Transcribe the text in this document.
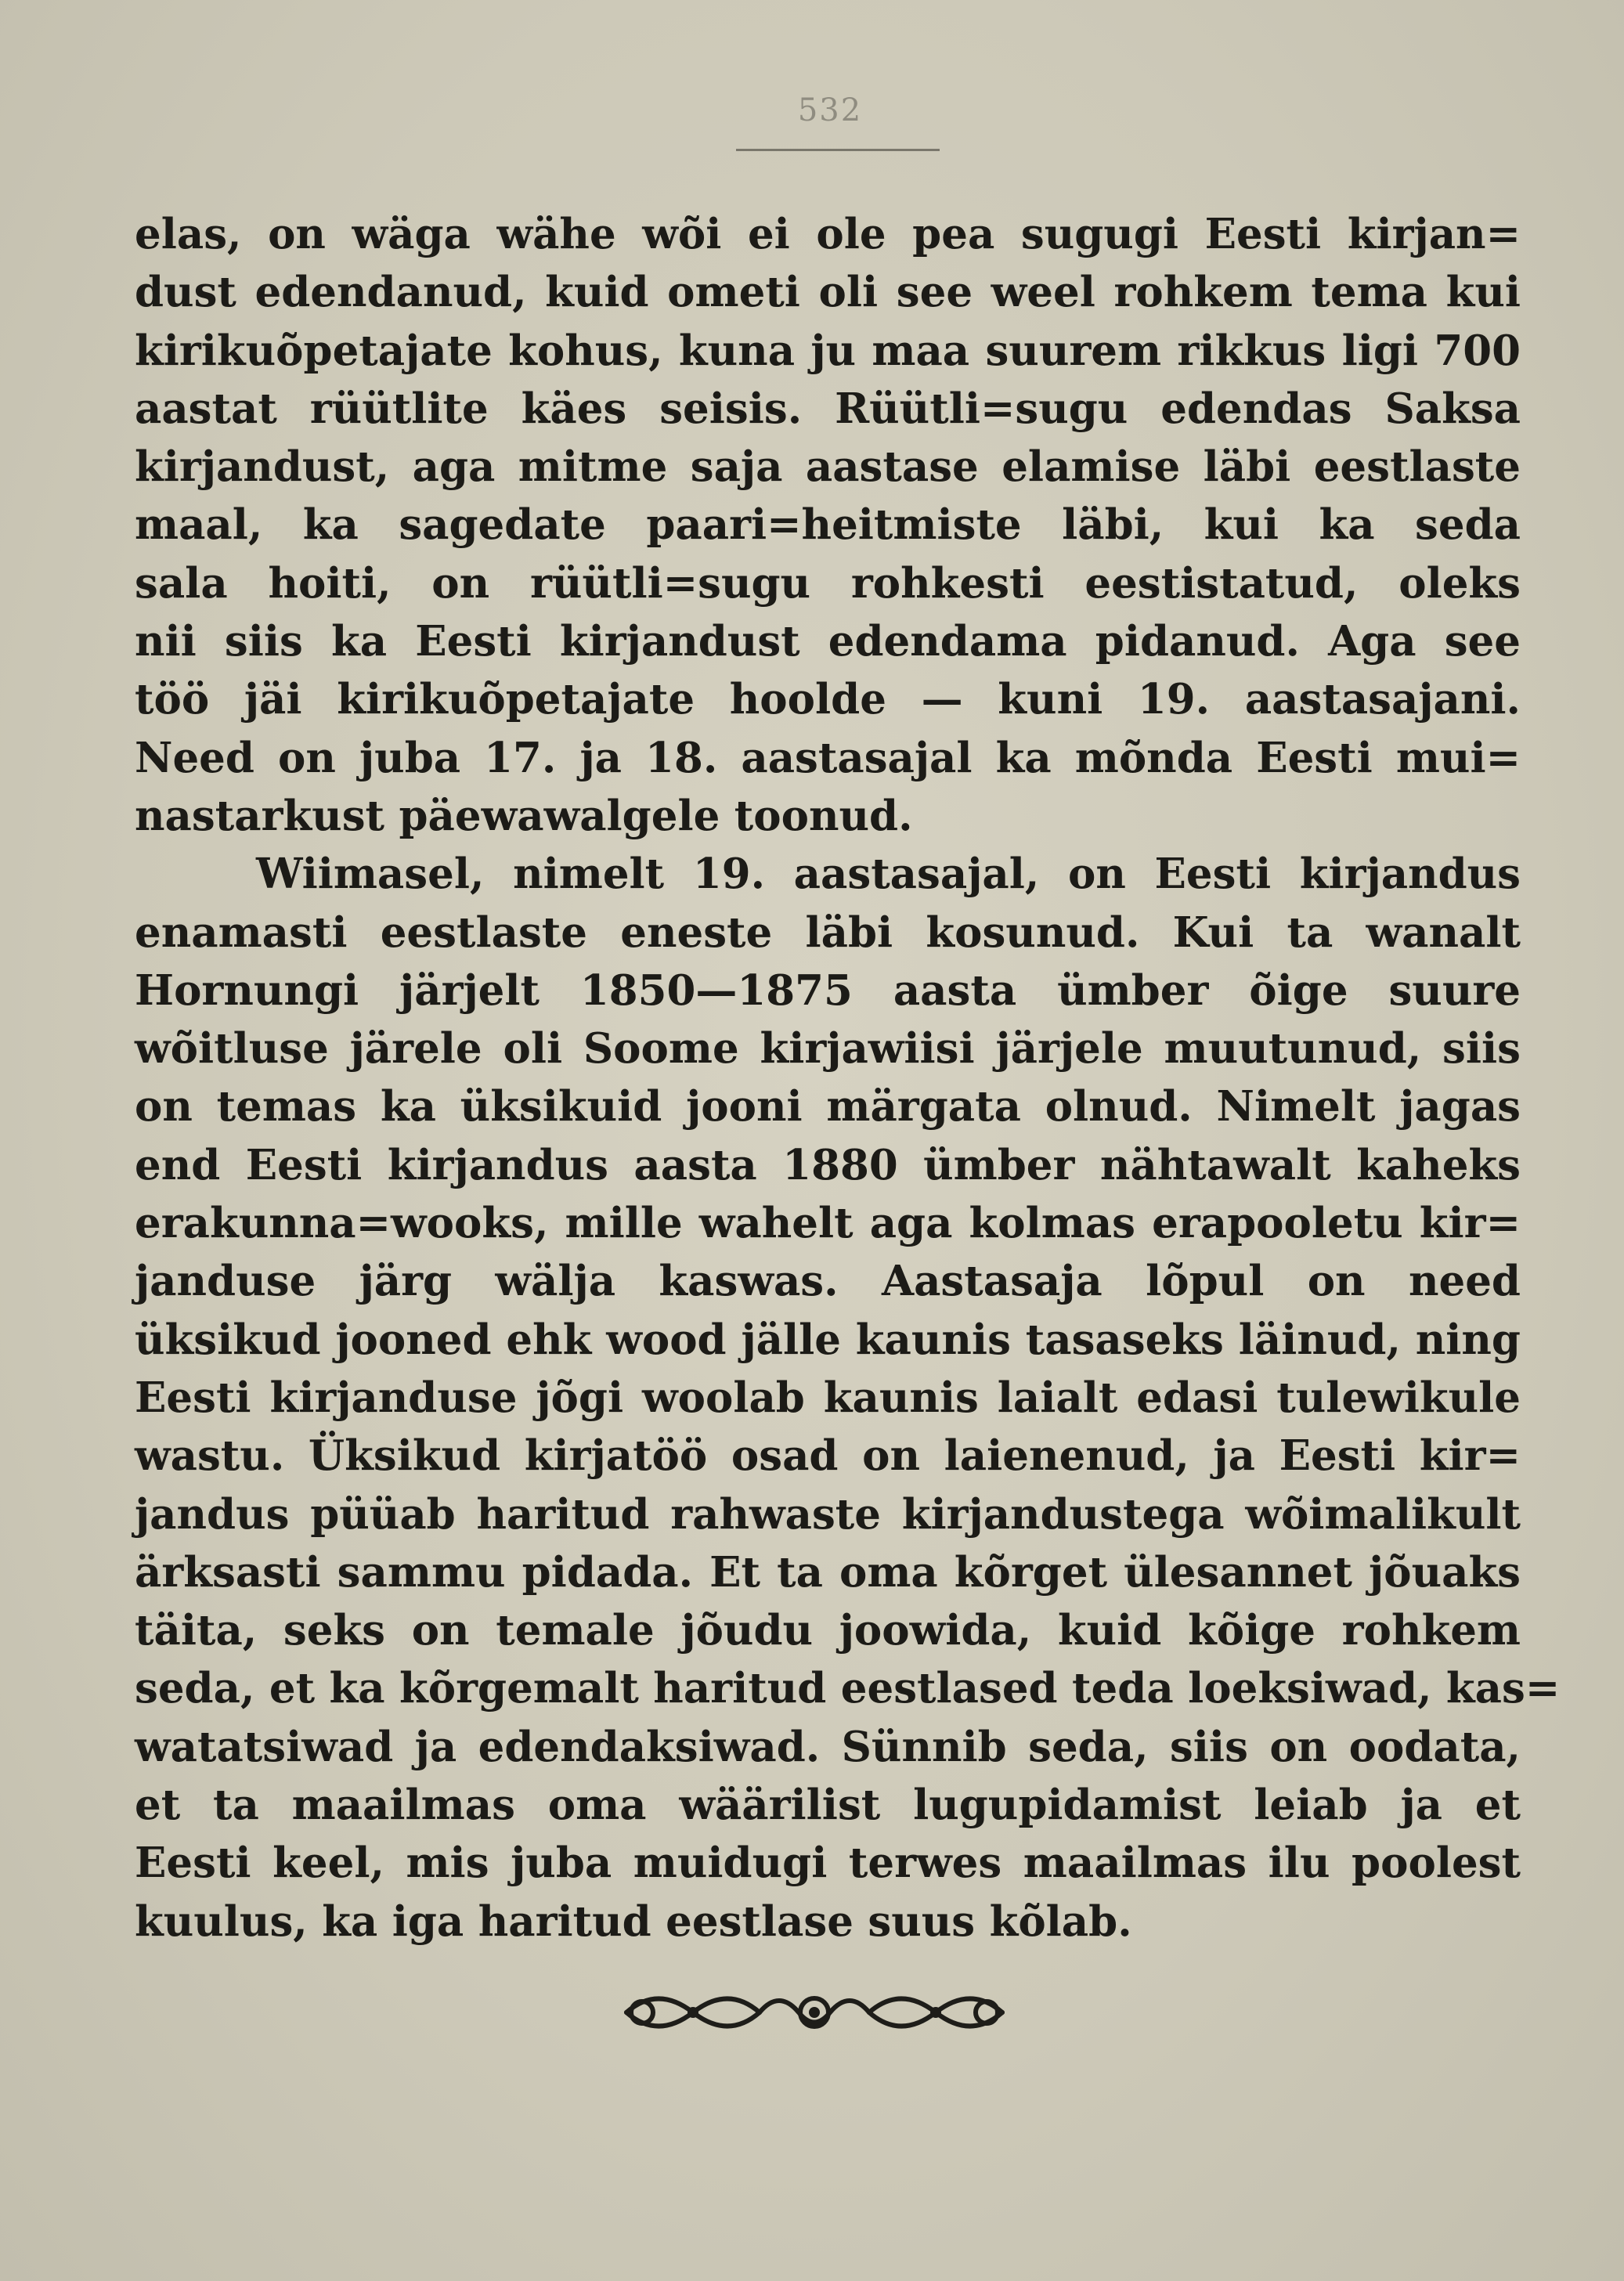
532
elas, on wäga wähe wõi ei ole pea sugugi Eesti kirjan=
dust edendanud, kuid ometi oli see weel rohkem tema kui
kirikuõpetajate kohus, kuna ju maa suurem rikkus ligi 700
aastat rüütlite käes seisis. Rüütli=sugu edendas Saksa
kirjandust, aga mitme saja aastase elamise läbi eestlaste
maal, ka sagedate paari=heitmiste läbi, kui ka seda
sala hoiti, on rüütli=sugu rohkesti eestistatud, oleks
nii siis ka Eesti kirjandust edendama pidanud. Aga see
töö jäi kirikuõpetajate hoolde — kuni 19. aastasajani.
Need on juba 17. ja 18. aastasajal ka mõnda Eesti mui=
nastarkust päewawalgele toonud.
Wiimasel, nimelt 19. aastasajal, on Eesti kirjandus
enamasti eestlaste eneste läbi kosunud. Kui ta wanalt
Hornungi järjelt 1850—1875 aasta ümber õige suure
wõitluse järele oli Soome kirjawiisi järjele muutunud, siis
on temas ka üksikuid jooni märgata olnud. Nimelt jagas
end Eesti kirjandus aasta 1880 ümber nähtawalt kaheks
erakunna=wooks, mille wahelt aga kolmas erapooletu kir=
janduse järg wälja kaswas. Aastasaja lõpul on need
üksikud jooned ehk wood jälle kaunis tasaseks läinud, ning
Eesti kirjanduse jõgi woolab kaunis laialt edasi tulewikule
wastu. Üksikud kirjatöö osad on laienenud, ja Eesti kir=
jandus püüab haritud rahwaste kirjandustega wõimalikult
ärksasti sammu pidada. Et ta oma kõrget ülesannet jõuaks
täita, seks on temale jõudu joowida, kuid kõige rohkem
seda, et ka kõrgemalt haritud eestlased teda loeksiwad, kas=
watatsiwad ja edendaksiwad. Sünnib seda, siis on oodata,
et ta maailmas oma wäärilist lugupidamist leiab ja et
Eesti keel, mis juba muidugi terwes maailmas ilu poolest
kuulus, ka iga haritud eestlase suus kõlab.
